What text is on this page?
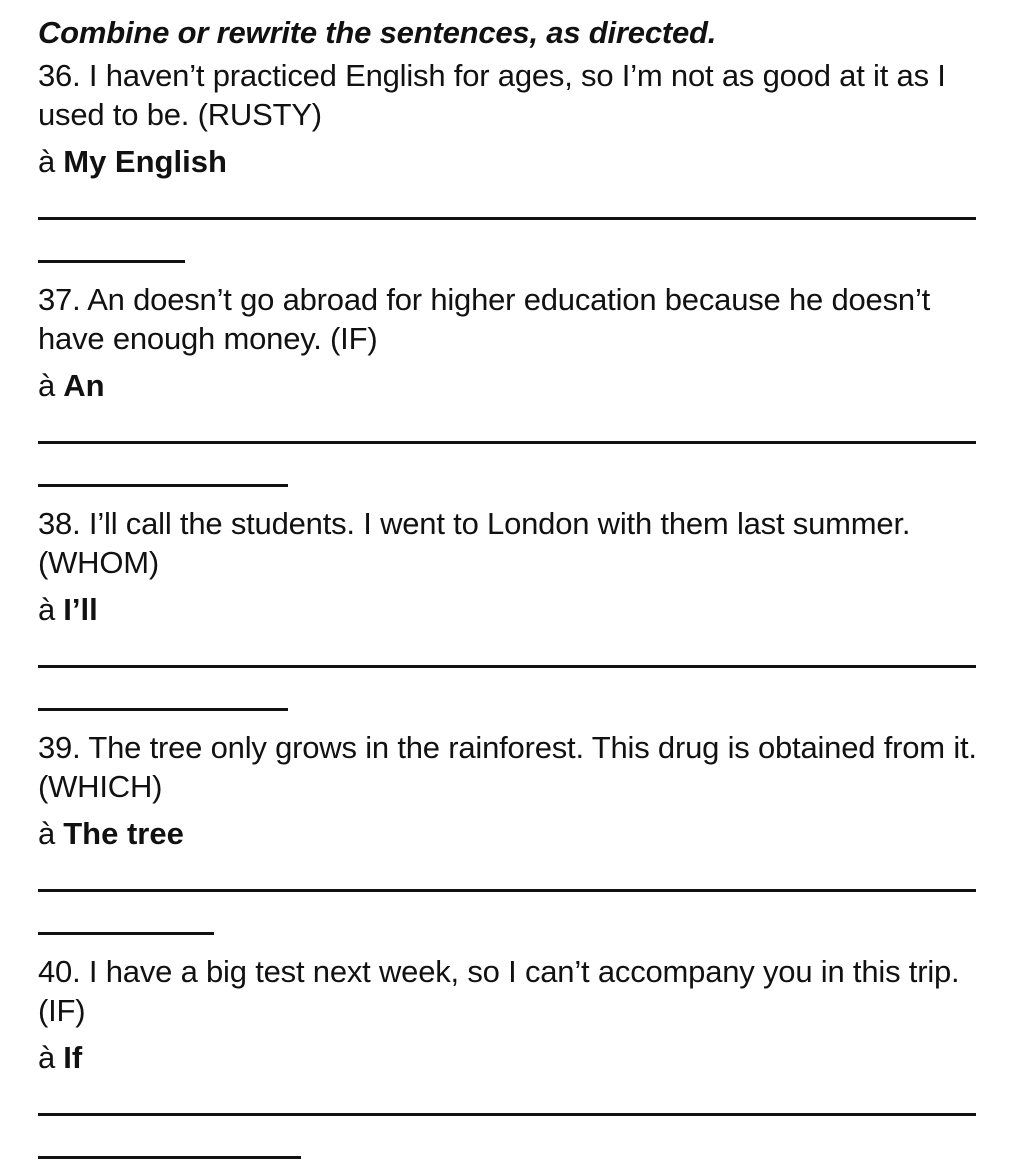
Combine or rewrite the sentences, as directed.

36. I haven’t practiced English for ages, so I’m not as good at it as I used to be. (RUSTY)

à My English

37. An doesn’t go abroad for higher education because he doesn’t have enough money. (IF)

à An

38. I’ll call the students. I went to London with them last summer. (WHOM)

à I’ll

39. The tree only grows in the rainforest. This drug is obtained from it. (WHICH)

à The tree

40. I have a big test next week, so I can’t accompany you in this trip. (IF)

à If
